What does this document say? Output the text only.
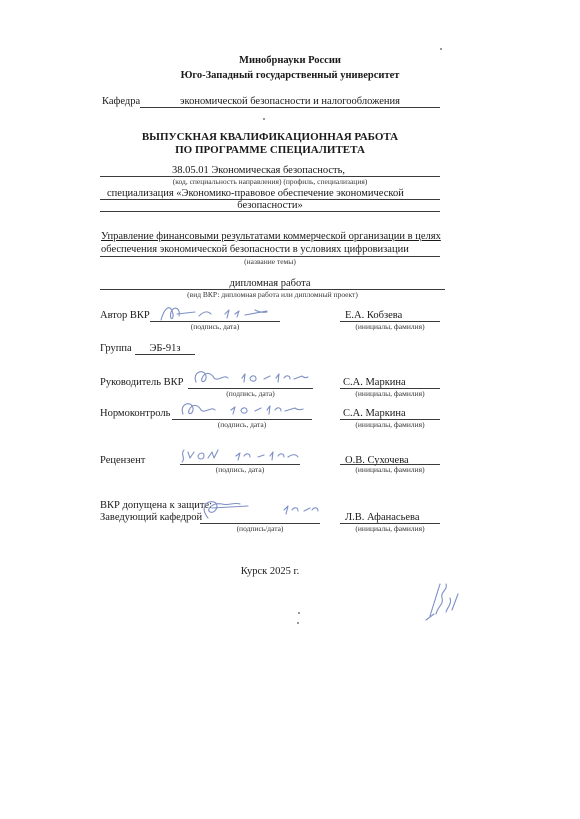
Минобрнауки России
Юго-Западный государственный университет
Кафедра	экономической безопасности и налогообложения
ВЫПУСКНАЯ КВАЛИФИКАЦИОННАЯ РАБОТА
ПО ПРОГРАММЕ СПЕЦИАЛИТЕТА
38.05.01 Экономическая безопасность,
(код, специальность направления) (профиль, специализация)
специализация «Экономико-правовое обеспечение экономической
безопасности»
Управление финансовыми результатами коммерческой организации в целях
обеспечения экономической безопасности в условиях цифровизации
(название темы)
дипломная работа
(вид ВКР: дипломная работа или дипломный проект)
Автор ВКР
(подпись, дата)
Е.А. Кобзева
(инициалы, фамилия)
Группа	ЭБ-91з
Руководитель ВКР
(подпись, дата)
С.А. Маркина
(инициалы, фамилия)
Нормоконтроль
(подпись, дата)
С.А. Маркина
(инициалы, фамилия)
Рецензент
(подпись, дата)
О.В. Сухочева
(инициалы, фамилия)
ВКР допущена к защите:
Заведующий кафедрой
(подпись/дата)
Л.В. Афанасьева
(инициалы, фамилия)
Курск 2025 г.
